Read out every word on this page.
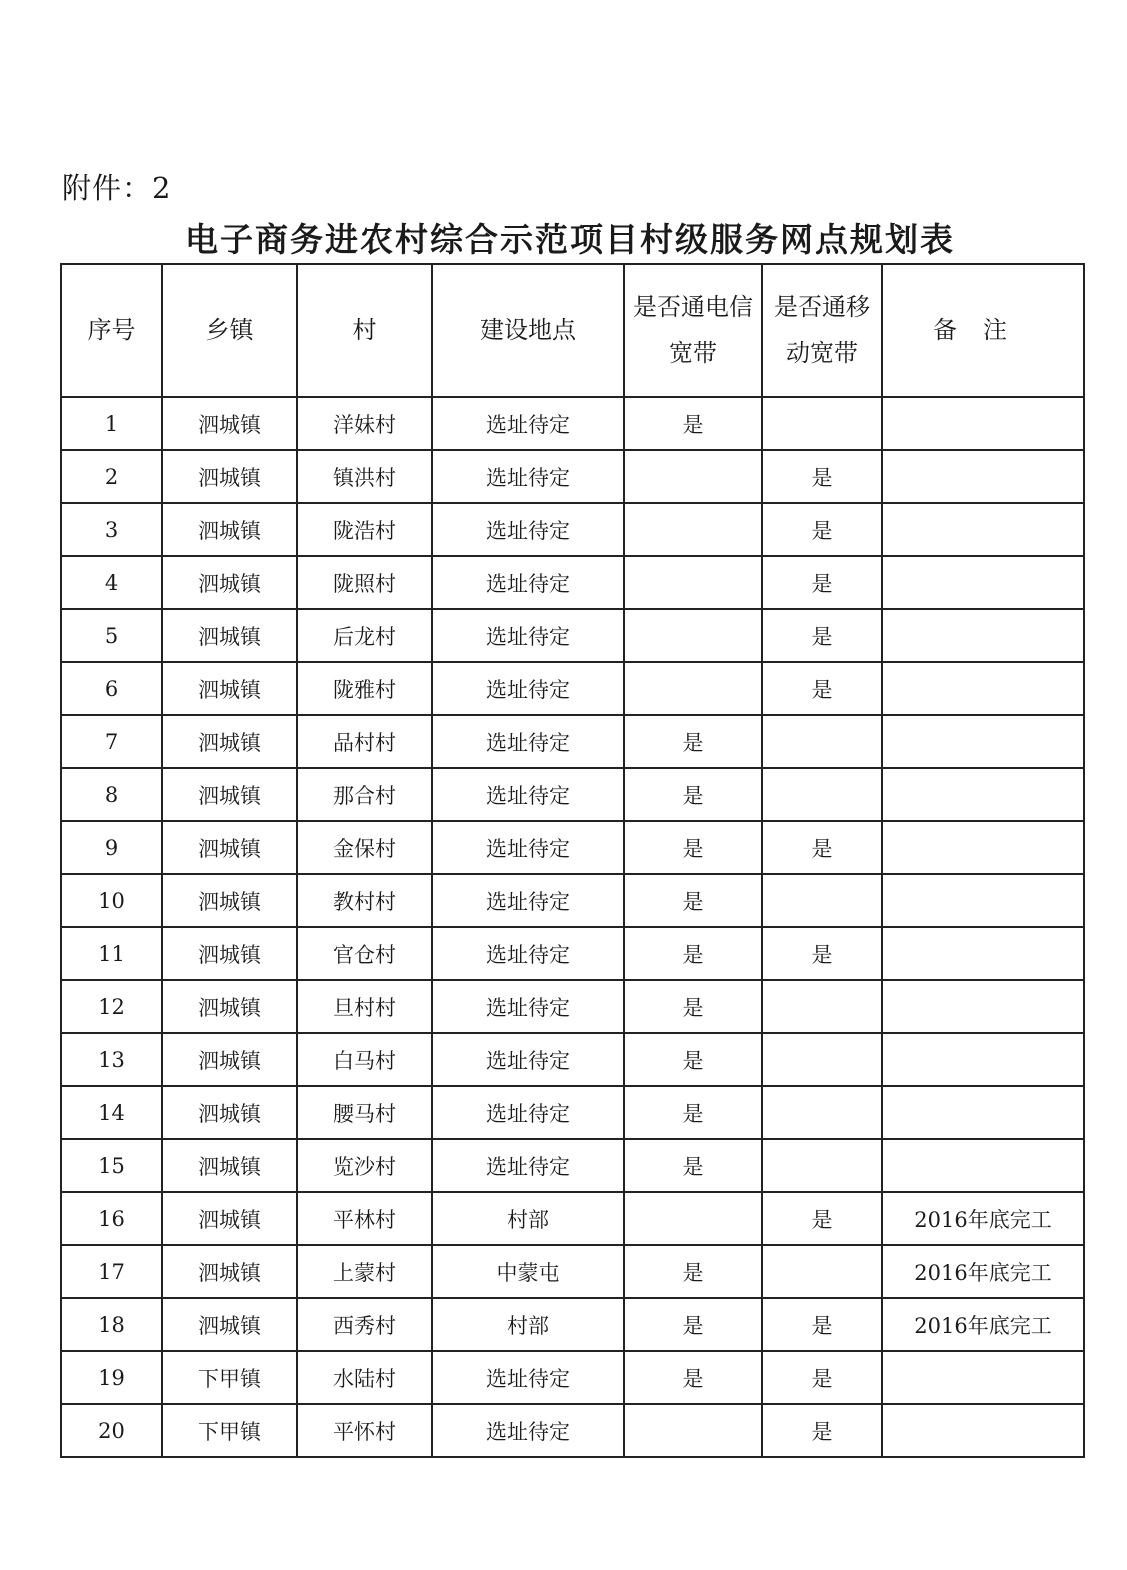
附件：2
电子商务进农村综合示范项目村级服务网点规划表
序号	乡镇	村	建设地点	是否通电信宽带	是否通移动宽带	备注
1	泗城镇	洋妹村	选址待定	是		
2	泗城镇	镇洪村	选址待定		是	
3	泗城镇	陇浩村	选址待定		是	
4	泗城镇	陇照村	选址待定		是	
5	泗城镇	后龙村	选址待定		是	
6	泗城镇	陇雅村	选址待定		是	
7	泗城镇	品村村	选址待定	是		
8	泗城镇	那合村	选址待定	是		
9	泗城镇	金保村	选址待定	是	是	
10	泗城镇	教村村	选址待定	是		
11	泗城镇	官仓村	选址待定	是	是	
12	泗城镇	旦村村	选址待定	是		
13	泗城镇	白马村	选址待定	是		
14	泗城镇	腰马村	选址待定	是		
15	泗城镇	览沙村	选址待定	是		
16	泗城镇	平林村	村部		是	2016年底完工
17	泗城镇	上蒙村	中蒙屯	是		2016年底完工
18	泗城镇	西秀村	村部	是	是	2016年底完工
19	下甲镇	水陆村	选址待定	是	是	
20	下甲镇	平怀村	选址待定		是	
